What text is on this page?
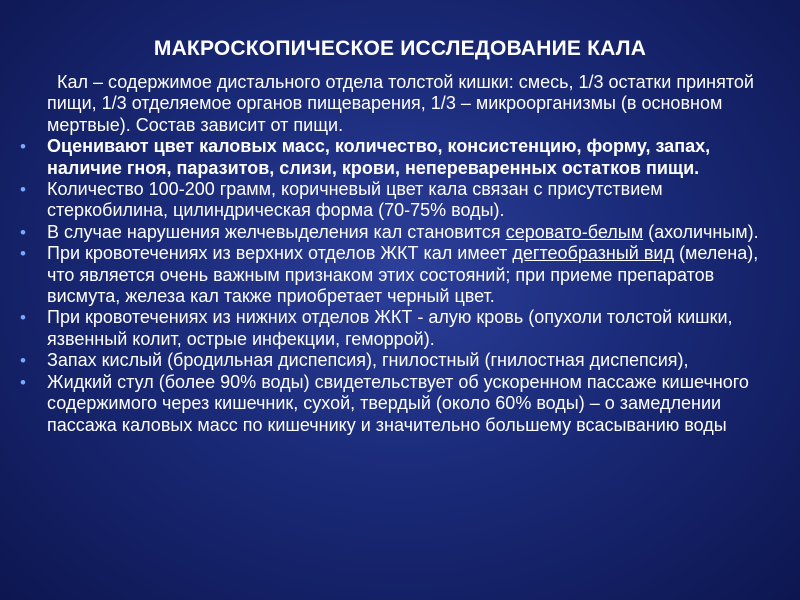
МАКРОСКОПИЧЕСКОЕ ИССЛЕДОВАНИЕ КАЛА

Кал – содержимое дистального отдела толстой кишки: смесь, 1/3 остатки принятой пищи, 1/3 отделяемое органов пищеварения, 1/3 – микроорганизмы (в основном мертвые). Состав зависит от пищи.

• Оценивают цвет каловых масс, количество, консистенцию, форму, запах, наличие гноя, паразитов, слизи, крови, непереваренных остатков пищи.
• Количество 100-200 грамм, коричневый цвет кала связан с присутствием стеркобилина, цилиндрическая форма (70-75% воды).
• В случае нарушения желчевыделения кал становится серовато-белым (ахоличным).
• При кровотечениях из верхних отделов ЖКТ кал имеет дегтеобразный вид (мелена), что является очень важным признаком этих состояний; при приеме препаратов висмута, железа кал также приобретает черный цвет.
• При кровотечениях из нижних отделов ЖКТ - алую кровь (опухоли толстой кишки, язвенный колит, острые инфекции, геморрой).
• Запах кислый (бродильная диспепсия), гнилостный (гнилостная диспепсия),
• Жидкий стул (более 90% воды) свидетельствует об ускоренном пассаже кишечного содержимого через кишечник, сухой, твердый (около 60% воды) – о замедлении пассажа каловых масс по кишечнику и значительно большему всасыванию воды
